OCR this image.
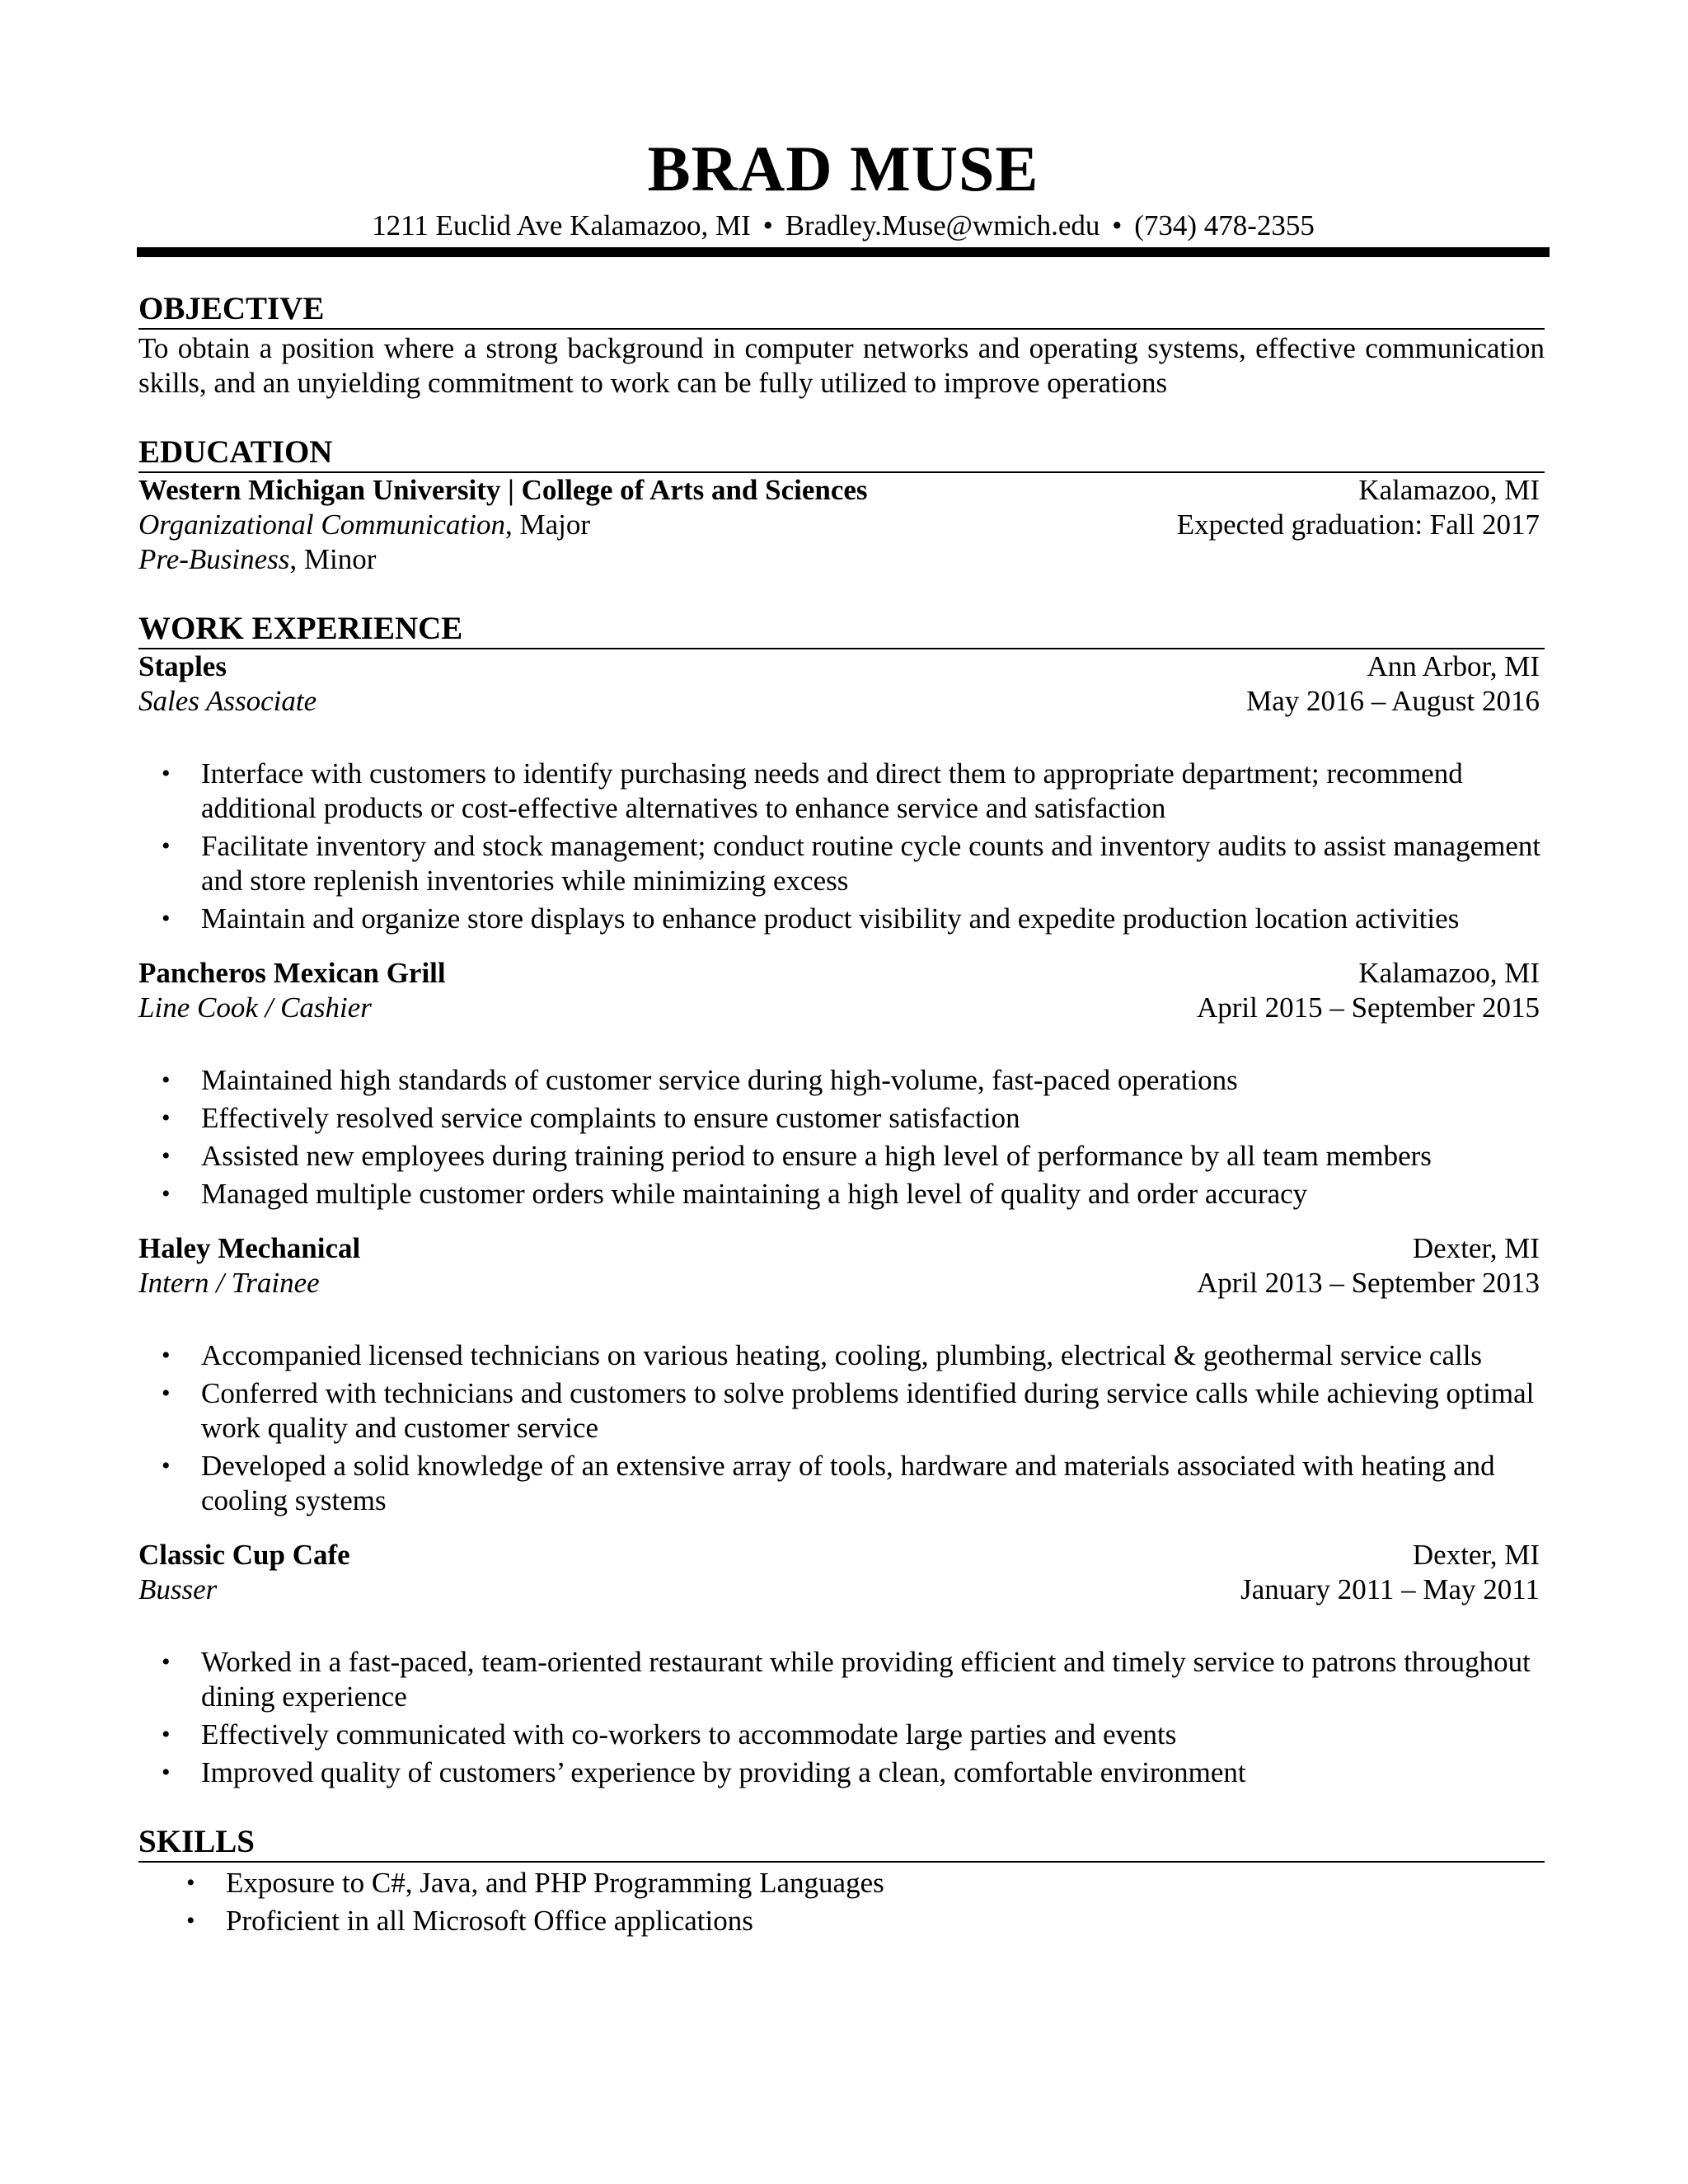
BRAD MUSE
1211 Euclid Ave Kalamazoo, MI • Bradley.Muse@wmich.edu • (734) 478-2355
OBJECTIVE
To obtain a position where a strong background in computer networks and operating systems, effective communication skills, and an unyielding commitment to work can be fully utilized to improve operations
EDUCATION
Western Michigan University | College of Arts and Sciences	Kalamazoo, MI
Organizational Communication, Major	Expected graduation: Fall 2017
Pre-Business, Minor
WORK EXPERIENCE
Staples	Ann Arbor, MI
Sales Associate	May 2016 – August 2016
• Interface with customers to identify purchasing needs and direct them to appropriate department; recommend additional products or cost-effective alternatives to enhance service and satisfaction
• Facilitate inventory and stock management; conduct routine cycle counts and inventory audits to assist management and store replenish inventories while minimizing excess
• Maintain and organize store displays to enhance product visibility and expedite production location activities
Pancheros Mexican Grill	Kalamazoo, MI
Line Cook / Cashier	April 2015 – September 2015
• Maintained high standards of customer service during high-volume, fast-paced operations
• Effectively resolved service complaints to ensure customer satisfaction
• Assisted new employees during training period to ensure a high level of performance by all team members
• Managed multiple customer orders while maintaining a high level of quality and order accuracy
Haley Mechanical	Dexter, MI
Intern / Trainee	April 2013 – September 2013
• Accompanied licensed technicians on various heating, cooling, plumbing, electrical & geothermal service calls
• Conferred with technicians and customers to solve problems identified during service calls while achieving optimal work quality and customer service
• Developed a solid knowledge of an extensive array of tools, hardware and materials associated with heating and cooling systems
Classic Cup Cafe	Dexter, MI
Busser	January 2011 – May 2011
• Worked in a fast-paced, team-oriented restaurant while providing efficient and timely service to patrons throughout dining experience
• Effectively communicated with co-workers to accommodate large parties and events
• Improved quality of customers’ experience by providing a clean, comfortable environment
SKILLS
• Exposure to C#, Java, and PHP Programming Languages
• Proficient in all Microsoft Office applications
